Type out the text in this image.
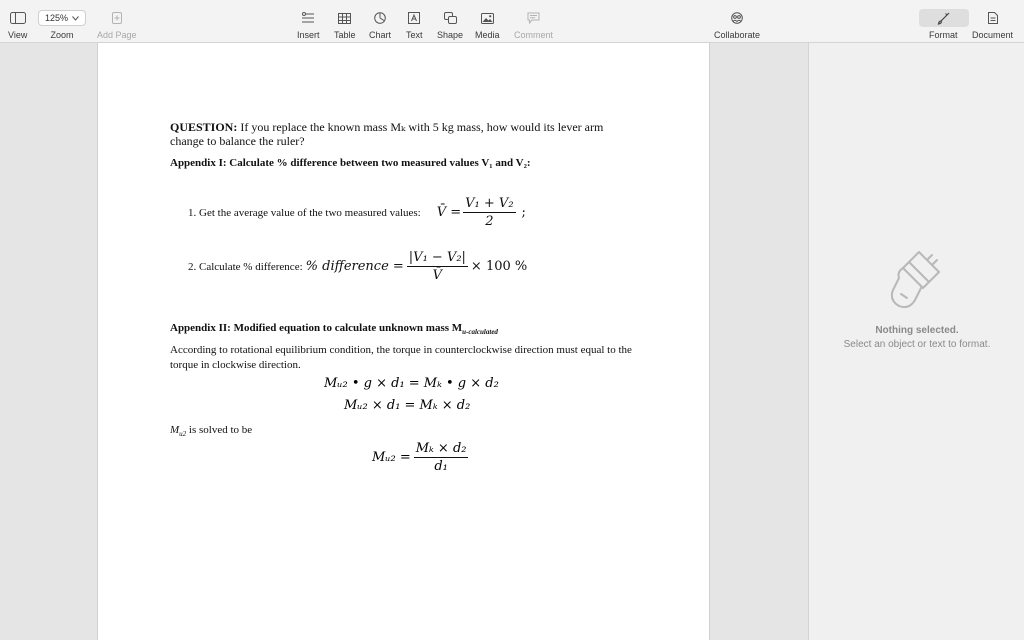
View
125%
Zoom	Add Page	Insert Table Chart Text Shape Media Comment	Collaborate	Format Document
QUESTION: If you replace the known mass Mₖ with 5 kg mass, how would its lever arm change to balance the ruler?
Appendix I: Calculate % difference between two measured values V₁ and V₂:
1. Get the average value of the two measured values: V̄ = $\frac{\text{V₁ + V₂}}{2}$ ;
2. Calculate % difference: % difference = $\frac{\text{|V₁ − V₂|}}{V̄} \times 100$ %
Appendix II: Modified equation to calculate unknown mass $M_{u-calculated}$
According to rotational equilibrium condition, the torque in counterclockwise direction must equal to the torque in clockwise direction.
Mᵤ₂ • g × d₁ = Mₖ • g × d₂
Mᵤ₂ × d₁ = Mₖ × d₂
$M_{u2}$ is solved to be
Mᵤ₂ = $\frac{\text{Mₖ × d₂}}{\text{d₁}}$
Nothing selected.
Select an object or text to format.
